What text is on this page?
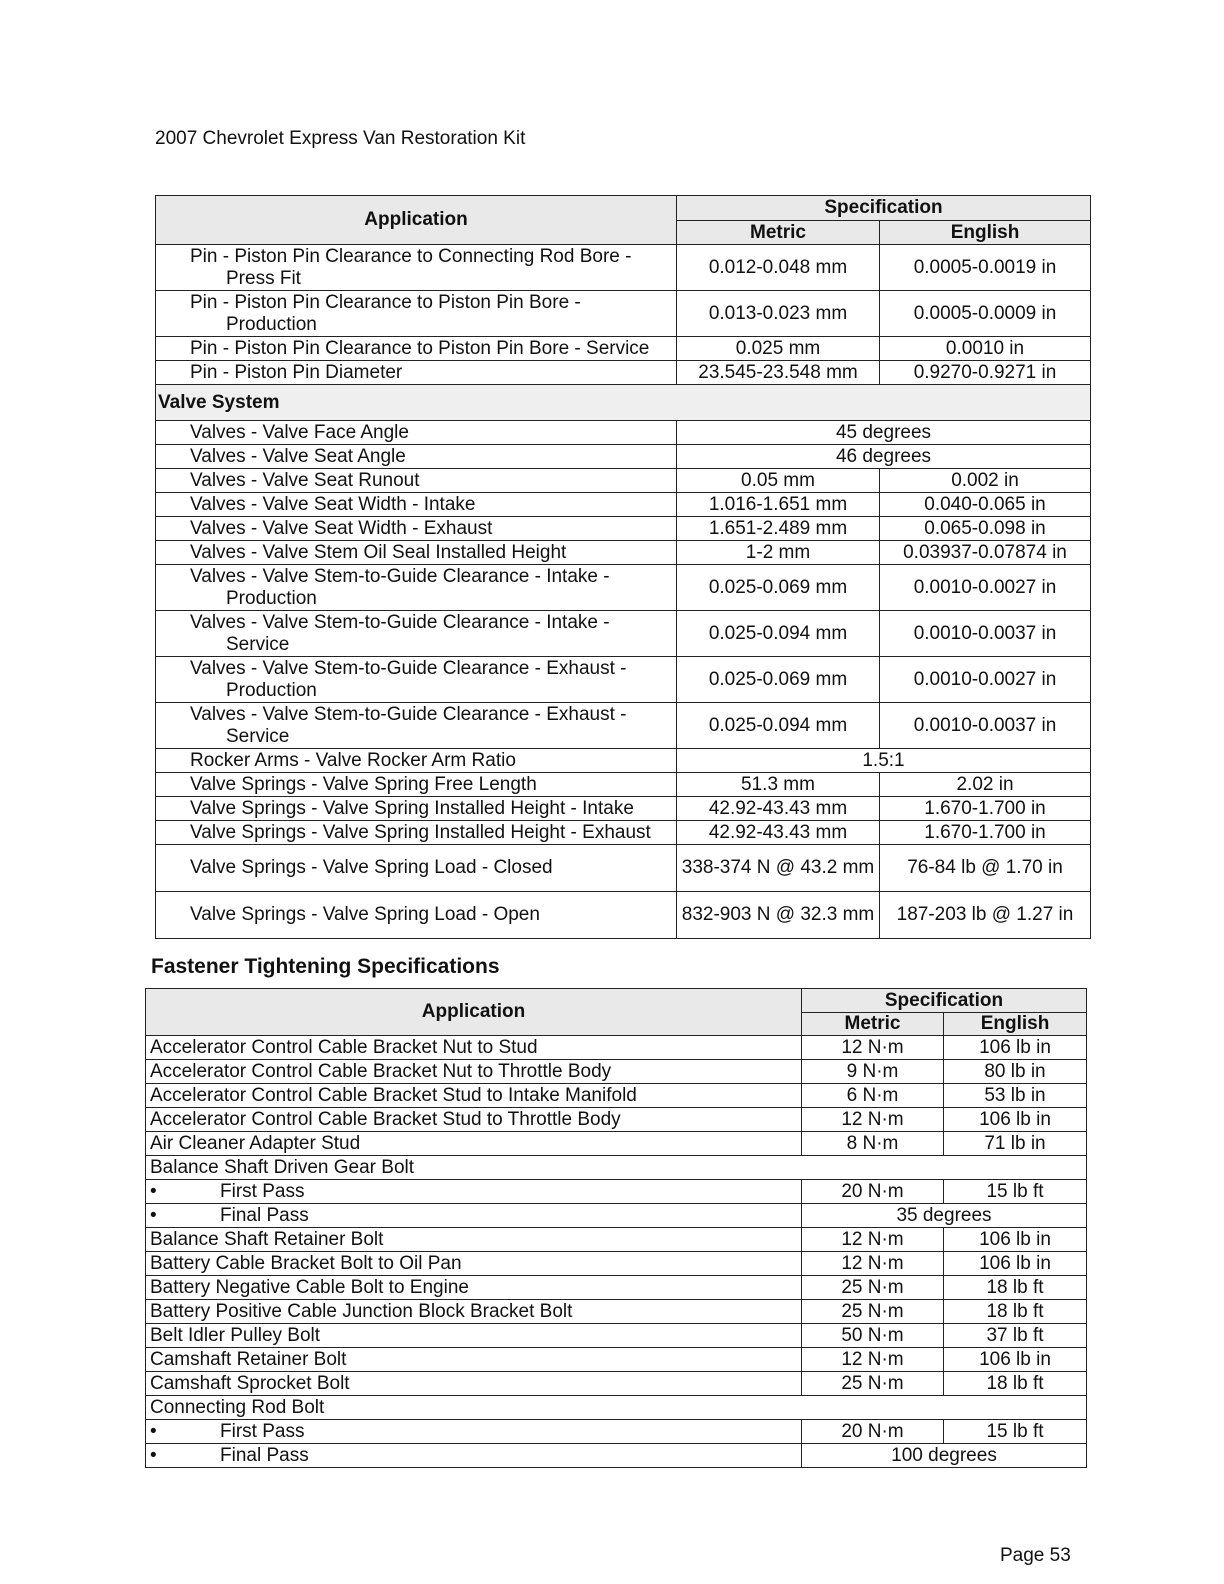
2007 Chevrolet Express Van Restoration Kit
Application	Specification	
	Metric	English
Pin - Piston Pin Clearance to Connecting Rod Bore -
Press Fit	0.012-0.048 mm	0.0005-0.0019 in
Pin - Piston Pin Clearance to Piston Pin Bore -
Production	0.013-0.023 mm	0.0005-0.0009 in
Pin - Piston Pin Clearance to Piston Pin Bore - Service	0.025 mm	0.0010 in
Pin - Piston Pin Diameter	23.545-23.548 mm	0.9270-0.9271 in
Valve System		
Valves - Valve Face Angle	45 degrees	
Valves - Valve Seat Angle	46 degrees	
Valves - Valve Seat Runout	0.05 mm	0.002 in
Valves - Valve Seat Width - Intake	1.016-1.651 mm	0.040-0.065 in
Valves - Valve Seat Width - Exhaust	1.651-2.489 mm	0.065-0.098 in
Valves - Valve Stem Oil Seal Installed Height	1-2 mm	0.03937-0.07874 in
Valves - Valve Stem-to-Guide Clearance - Intake -
Production	0.025-0.069 mm	0.0010-0.0027 in
Valves - Valve Stem-to-Guide Clearance - Intake -
Service	0.025-0.094 mm	0.0010-0.0037 in
Valves - Valve Stem-to-Guide Clearance - Exhaust -
Production	0.025-0.069 mm	0.0010-0.0027 in
Valves - Valve Stem-to-Guide Clearance - Exhaust -
Service	0.025-0.094 mm	0.0010-0.0037 in
Rocker Arms - Valve Rocker Arm Ratio	1.5:1	
Valve Springs - Valve Spring Free Length	51.3 mm	2.02 in
Valve Springs - Valve Spring Installed Height - Intake	42.92-43.43 mm	1.670-1.700 in
Valve Springs - Valve Spring Installed Height - Exhaust	42.92-43.43 mm	1.670-1.700 in
Valve Springs - Valve Spring Load - Closed	338-374 N @ 43.2 mm	76-84 lb @ 1.70 in
Valve Springs - Valve Spring Load - Open	832-903 N @ 32.3 mm	187-203 lb @ 1.27 in
Fastener Tightening Specifications
Application	Specification	
	Metric	English
Accelerator Control Cable Bracket Nut to Stud	12 N·m	106 lb in
Accelerator Control Cable Bracket Nut to Throttle Body	9 N·m	80 lb in
Accelerator Control Cable Bracket Stud to Intake Manifold	6 N·m	53 lb in
Accelerator Control Cable Bracket Stud to Throttle Body	12 N·m	106 lb in
Air Cleaner Adapter Stud	8 N·m	71 lb in
Balance Shaft Driven Gear Bolt		
• First Pass	20 N·m	15 lb ft
• Final Pass	35 degrees	
Balance Shaft Retainer Bolt	12 N·m	106 lb in
Battery Cable Bracket Bolt to Oil Pan	12 N·m	106 lb in
Battery Negative Cable Bolt to Engine	25 N·m	18 lb ft
Battery Positive Cable Junction Block Bracket Bolt	25 N·m	18 lb ft
Belt Idler Pulley Bolt	50 N·m	37 lb ft
Camshaft Retainer Bolt	12 N·m	106 lb in
Camshaft Sprocket Bolt	25 N·m	18 lb ft
Connecting Rod Bolt		
• First Pass	20 N·m	15 lb ft
• Final Pass	100 degrees	
Page 53
